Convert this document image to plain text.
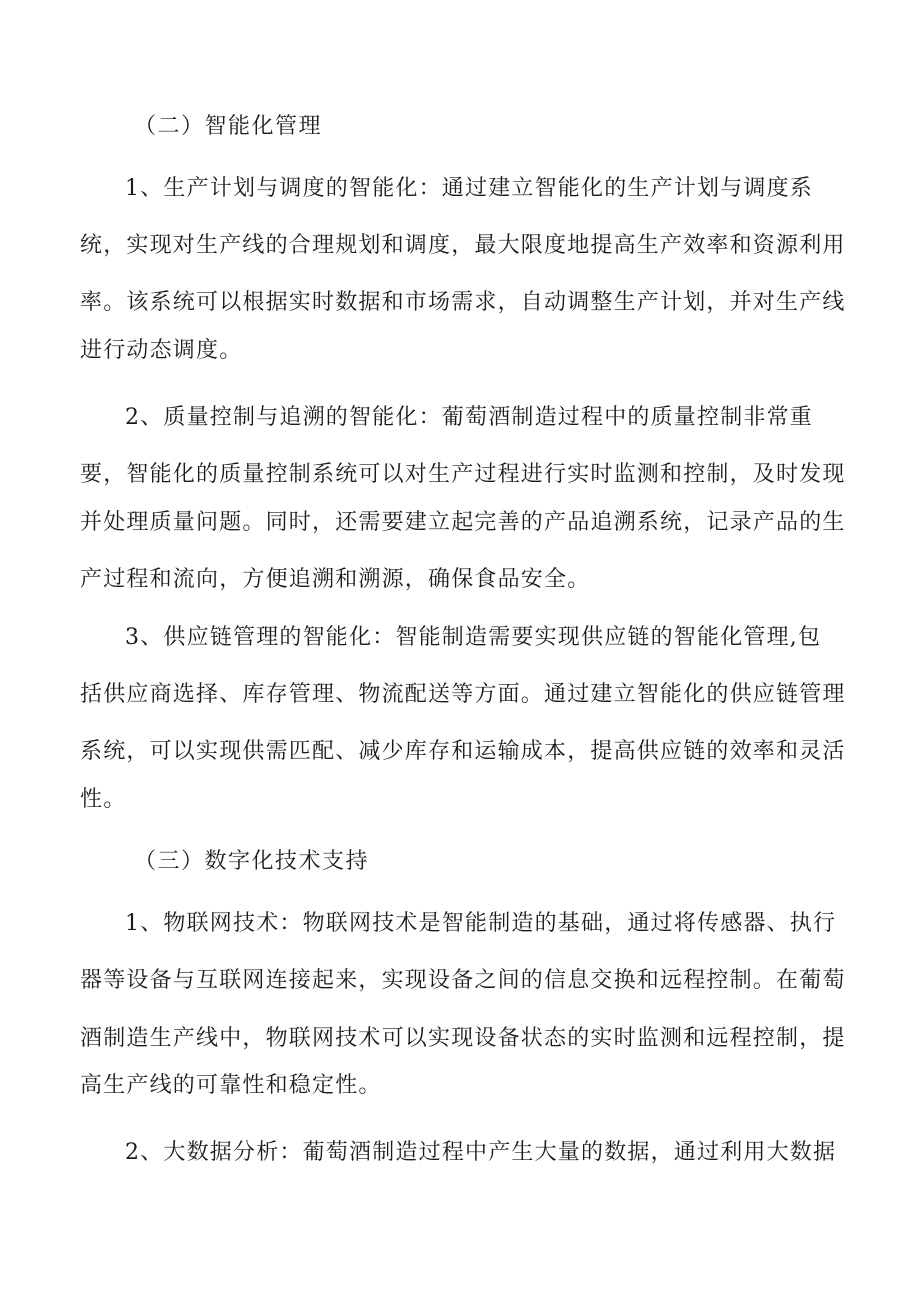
（二）智能化管理

1、生产计划与调度的智能化：通过建立智能化的生产计划与调度系

统，实现对生产线的合理规划和调度，最大限度地提高生产效率和资源利用

率。该系统可以根据实时数据和市场需求，自动调整生产计划，并对生产线

进行动态调度。

2、质量控制与追溯的智能化：葡萄酒制造过程中的质量控制非常重

要，智能化的质量控制系统可以对生产过程进行实时监测和控制，及时发现

并处理质量问题。同时，还需要建立起完善的产品追溯系统，记录产品的生

产过程和流向，方便追溯和溯源，确保食品安全。

3、供应链管理的智能化：智能制造需要实现供应链的智能化管理,包

括供应商选择、库存管理、物流配送等方面。通过建立智能化的供应链管理

系统，可以实现供需匹配、减少库存和运输成本，提高供应链的效率和灵活

性。

（三）数字化技术支持

1、物联网技术：物联网技术是智能制造的基础，通过将传感器、执行

器等设备与互联网连接起来，实现设备之间的信息交换和远程控制。在葡萄

酒制造生产线中，物联网技术可以实现设备状态的实时监测和远程控制，提

高生产线的可靠性和稳定性。

2、大数据分析：葡萄酒制造过程中产生大量的数据，通过利用大数据
